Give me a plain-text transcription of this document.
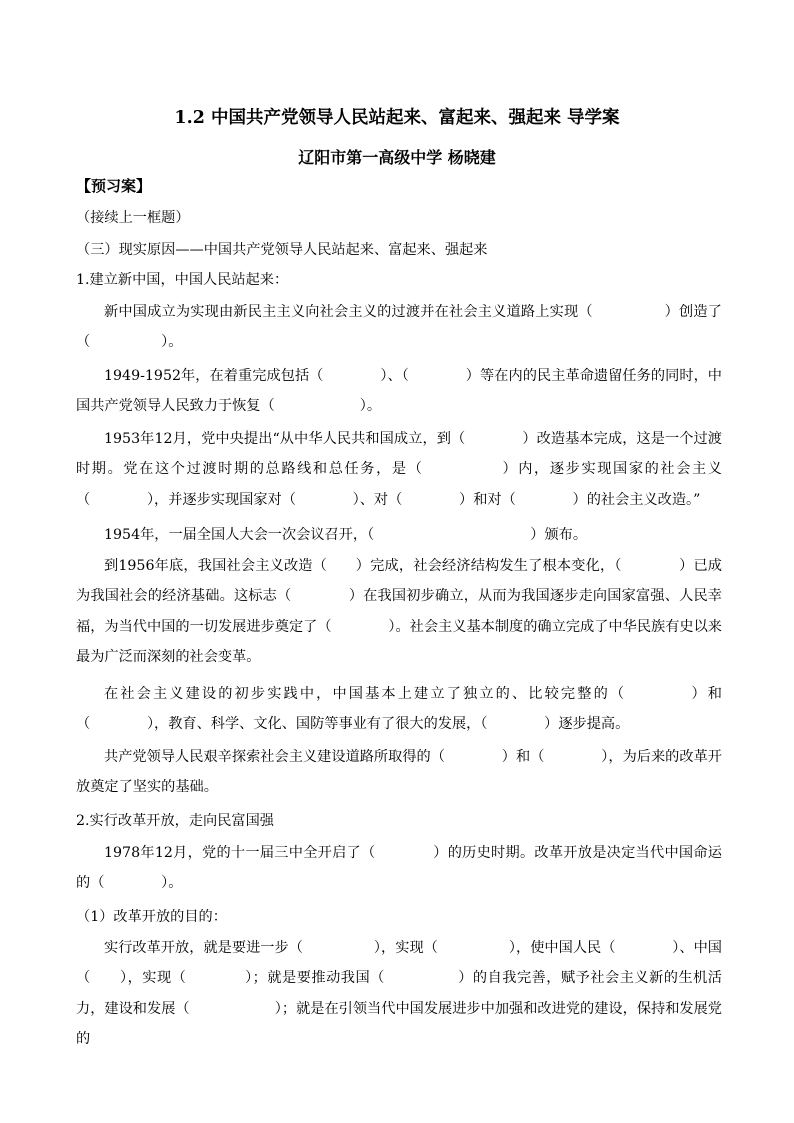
1.2 中国共产党领导人民站起来、富起来、强起来 导学案
辽阳市第一高级中学 杨晓建
【预习案】
（接续上一框题）
（三）现实原因——中国共产党领导人民站起来、富起来、强起来
1.建立新中国，中国人民站起来：
新中国成立为实现由新民主主义向社会主义的过渡并在社会主义道路上实现（　　　　　）创造了（　　　　　）。
1949-1952年，在着重完成包括（　　　　）、（　　　　）等在内的民主革命遗留任务的同时，中国共产党领导人民致力于恢复（　　　　　　）。
1953年12月，党中央提出“从中华人民共和国成立，到（　　　　）改造基本完成，这是一个过渡时期。党在这个过渡时期的总路线和总任务，是（　　　　　）内，逐步实现国家的社会主义（　　　　），并逐步实现国家对（　　　　）、对（　　　　）和对（　　　　）的社会主义改造。”
1954年，一届全国人大会一次会议召开，（　　　　　　　　　　　）颁布。
到1956年底，我国社会主义改造（　　）完成，社会经济结构发生了根本变化，（　　　　）已成为我国社会的经济基础。这标志（　　　　）在我国初步确立，从而为我国逐步走向国家富强、人民幸福，为当代中国的一切发展进步奠定了（　　　　）。社会主义基本制度的确立完成了中华民族有史以来最为广泛而深刻的社会变革。
在社会主义建设的初步实践中，中国基本上建立了独立的、比较完整的（　　　　）和（　　　　），教育、科学、文化、国防等事业有了很大的发展，（　　　　）逐步提高。
共产党领导人民艰辛探索社会主义建设道路所取得的（　　　　）和（　　　　），为后来的改革开放奠定了坚实的基础。
2.实行改革开放，走向民富国强
1978年12月，党的十一届三中全开启了（　　　　）的历史时期。改革开放是决定当代中国命运的（　　　　）。
（1）改革开放的目的：
实行改革开放，就是要进一步（　　　　　），实现（　　　　　），使中国人民（　　　　）、中国（　　），实现（　　　　）；就是要推动我国（　　　　　）的自我完善，赋予社会主义新的生机活力，建设和发展（　　　　　　）；就是在引领当代中国发展进步中加强和改进党的建设，保持和发展党的
